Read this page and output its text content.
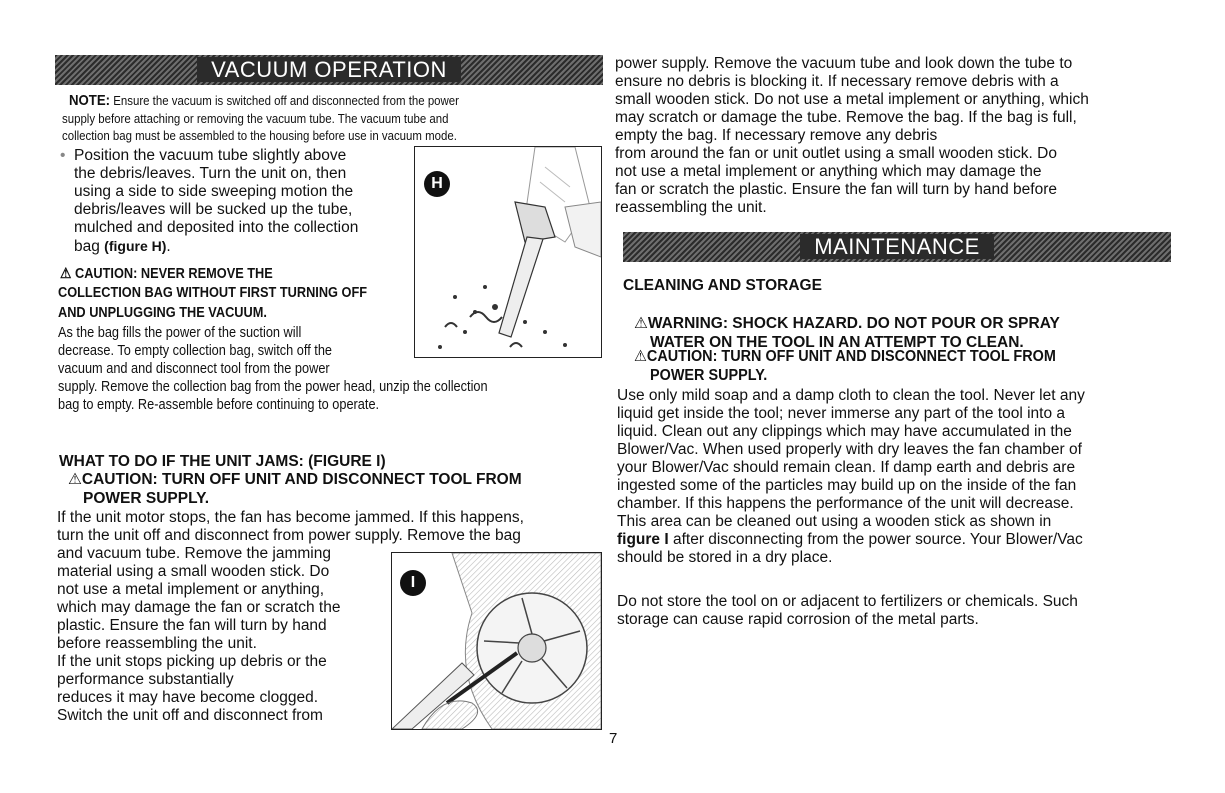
VACUUM OPERATION
NOTE: Ensure the vacuum is switched off and disconnected from the power
supply before attaching or removing the vacuum tube. The vacuum tube and
collection bag must be assembled to the housing before use in vacuum mode.
• Position the vacuum tube slightly above
the debris/leaves. Turn the unit on, then
using a side to side sweeping motion the
debris/leaves will be sucked up the tube,
mulched and deposited into the collection
bag (figure H).
⚠ CAUTION: NEVER REMOVE THE
COLLECTION BAG WITHOUT FIRST TURNING OFF
AND UNPLUGGING THE VACUUM.
As the bag fills the power of the suction will
decrease. To empty collection bag, switch off the
vacuum and and disconnect tool from the power
supply. Remove the collection bag from the power head, unzip the collection
bag to empty. Re-assemble before continuing to operate.
H
WHAT TO DO IF THE UNIT JAMS: (FIGURE I)
⚠CAUTION: TURN OFF UNIT AND DISCONNECT TOOL FROM
POWER SUPPLY.
If the unit motor stops, the fan has become jammed. If this happens,
turn the unit off and disconnect from power supply. Remove the bag
and vacuum tube. Remove the jamming
material using a small wooden stick. Do
not use a metal implement or anything,
which may damage the fan or scratch the
plastic. Ensure the fan will turn by hand
before reassembling the unit.
If the unit stops picking up debris or the
performance substantially
reduces it may have become clogged.
Switch the unit off and disconnect from
I
power supply. Remove the vacuum tube and look down the tube to
ensure no debris is blocking it. If necessary remove debris with a
small wooden stick. Do not use a metal implement or anything, which
may scratch or damage the tube. Remove the bag. If the bag is full,
empty the bag. If necessary remove any debris
from around the fan or unit outlet using a small wooden stick. Do
not use a metal implement or anything which may damage the
fan or scratch the plastic. Ensure the fan will turn by hand before
reassembling the unit.
MAINTENANCE
CLEANING AND STORAGE
⚠WARNING: SHOCK HAZARD. DO NOT POUR OR SPRAY
WATER ON THE TOOL IN AN ATTEMPT TO CLEAN.
⚠CAUTION: TURN OFF UNIT AND DISCONNECT TOOL FROM
POWER SUPPLY.
Use only mild soap and a damp cloth to clean the tool. Never let any
liquid get inside the tool; never immerse any part of the tool into a
liquid. Clean out any clippings which may have accumulated in the
Blower/Vac. When used properly with dry leaves the fan chamber of
your Blower/Vac should remain clean. If damp earth and debris are
ingested some of the particles may build up on the inside of the fan
chamber. If this happens the performance of the unit will decrease.
This area can be cleaned out using a wooden stick as shown in
figure I after disconnecting from the power source. Your Blower/Vac
should be stored in a dry place.
Do not store the tool on or adjacent to fertilizers or chemicals. Such
storage can cause rapid corrosion of the metal parts.
7
